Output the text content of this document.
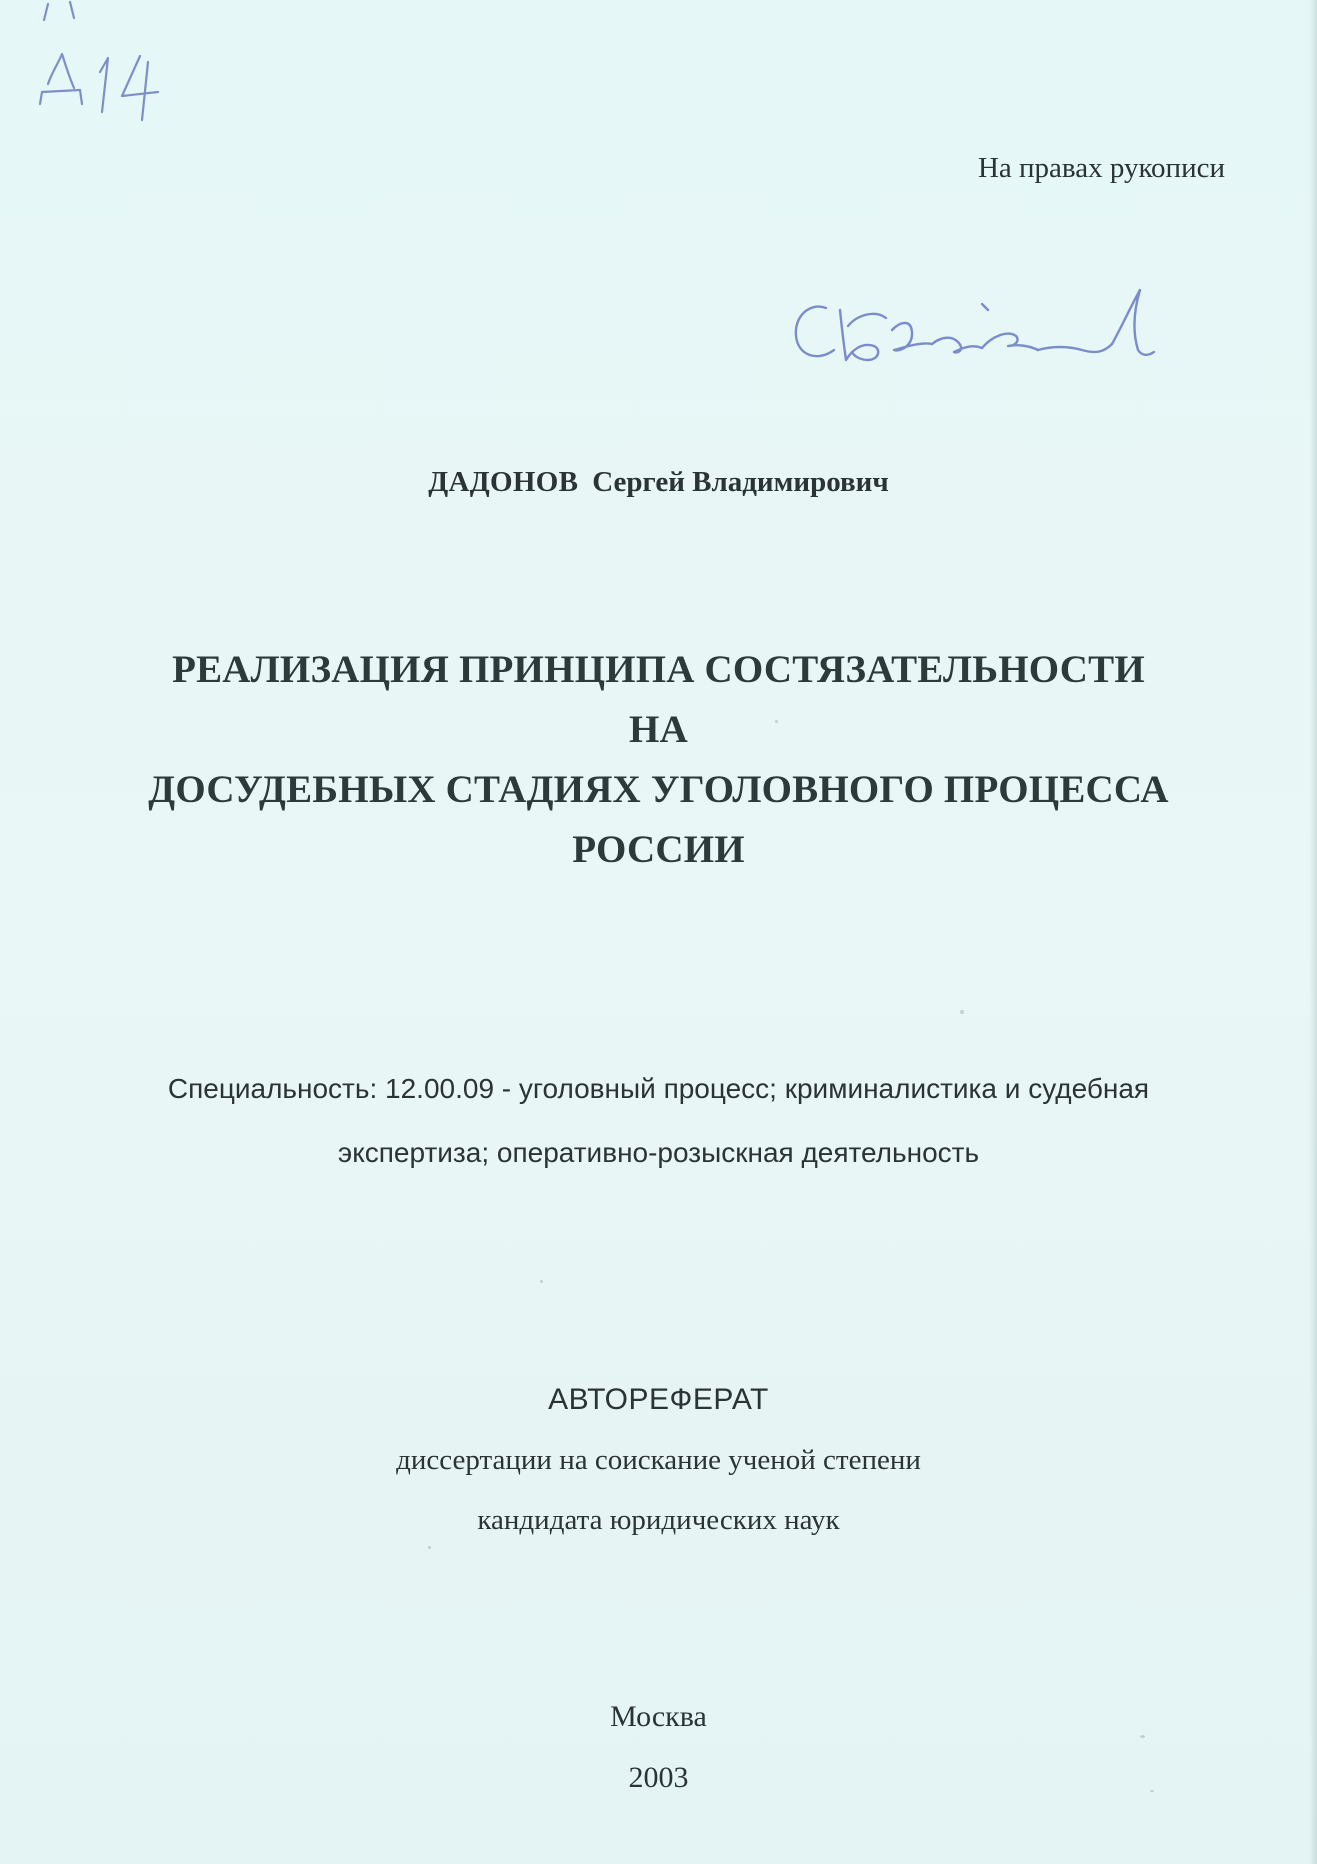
На правах рукописи
ДАДОНОВ Сергей Владимирович
РЕАЛИЗАЦИЯ ПРИНЦИПА СОСТЯЗАТЕЛЬНОСТИ
НА
ДОСУДЕБНЫХ СТАДИЯХ УГОЛОВНОГО ПРОЦЕССА
РОССИИ
Специальность: 12.00.09 - уголовный процесс; криминалистика и судебная
экспертиза; оперативно-розыскная деятельность
АВТОРЕФЕРАТ
диссертации на соискание ученой степени
кандидата юридических наук
Москва
2003
